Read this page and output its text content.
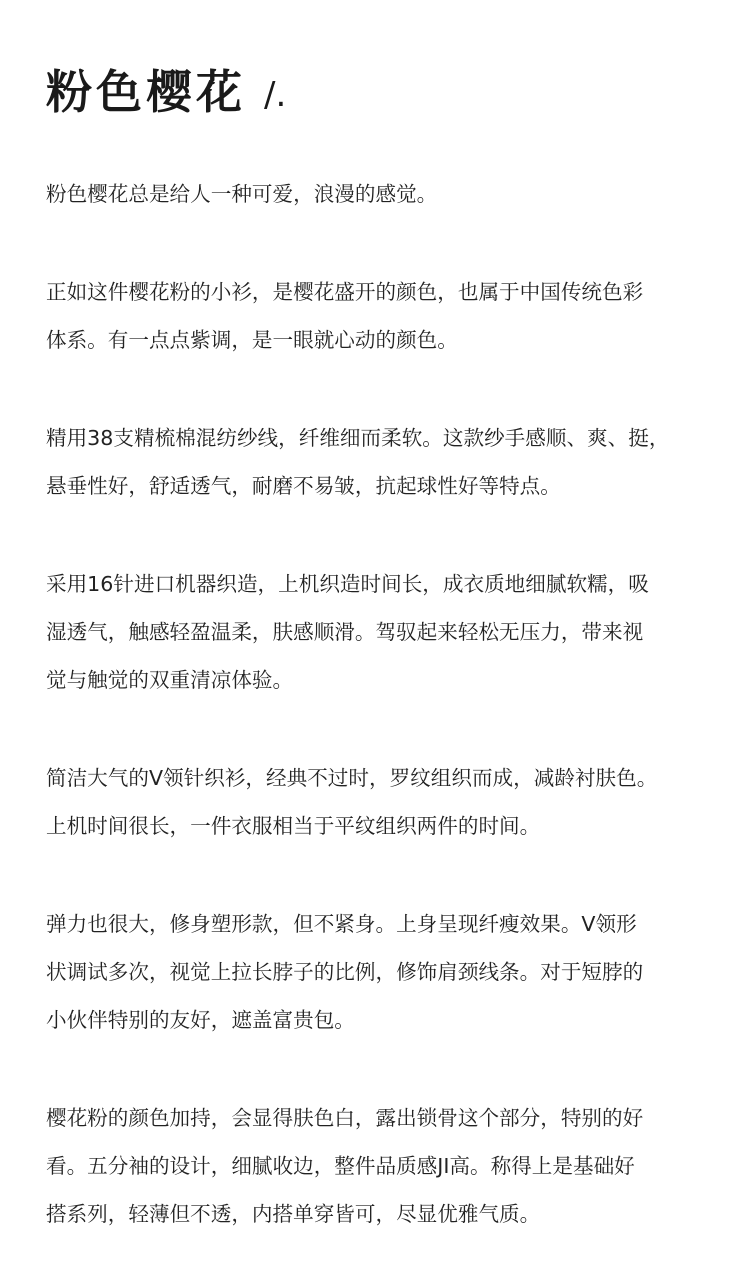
粉色樱花 /.

粉色樱花总是给人一种可爱，浪漫的感觉。

正如这件樱花粉的小衫，是樱花盛开的颜色，也属于中国传统色彩
体系。有一点点紫调，是一眼就心动的颜色。

精用38支精梳棉混纺纱线，纤维细而柔软。这款纱手感顺、爽、挺，
悬垂性好，舒适透气，耐磨不易皱，抗起球性好等特点。

采用16针进口机器织造，上机织造时间长，成衣质地细腻软糯，吸
湿透气，触感轻盈温柔，肤感顺滑。驾驭起来轻松无压力，带来视
觉与触觉的双重清凉体验。

简洁大气的V领针织衫，经典不过时，罗纹组织而成，减龄衬肤色。
上机时间很长，一件衣服相当于平纹组织两件的时间。

弹力也很大，修身塑形款，但不紧身。上身呈现纤瘦效果。V领形
状调试多次，视觉上拉长脖子的比例，修饰肩颈线条。对于短脖的
小伙伴特别的友好，遮盖富贵包。

樱花粉的颜色加持，会显得肤色白，露出锁骨这个部分，特别的好
看。五分袖的设计，细腻收边，整件品质感JI高。称得上是基础好
搭系列，轻薄但不透，内搭单穿皆可，尽显优雅气质。
